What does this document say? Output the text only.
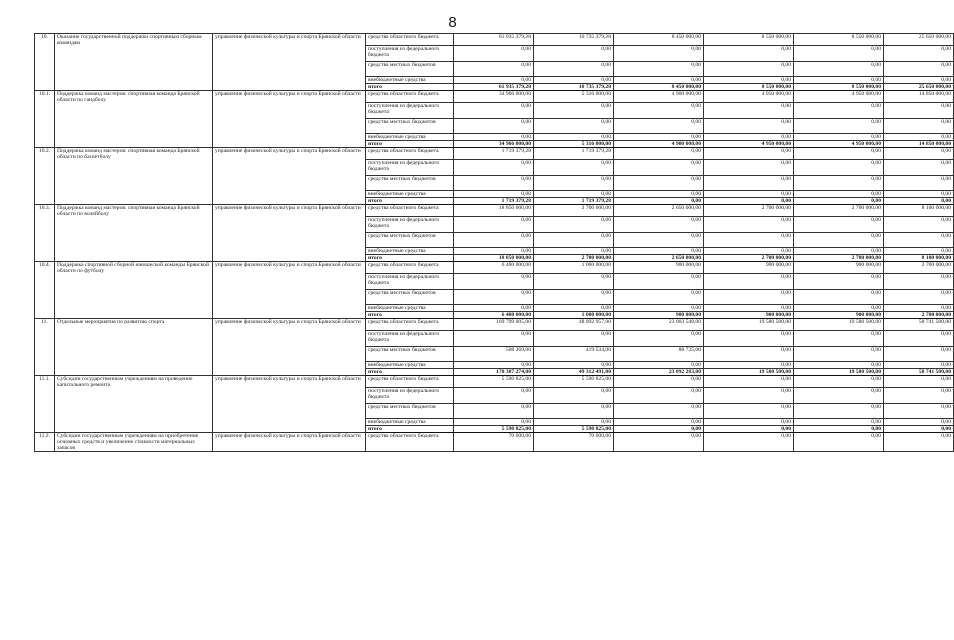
8
10.	Оказание государственной поддержки спортивным сборным командам	управление физической культуры и спорта Брянской области	средства областного бюджета	61 935 379,28	10 735 379,28	8 450 000,00	8 550 000,00	8 550 000,00	25 650 000,00
			поступления из федерального бюджета	0,00	0,00	0,00	0,00	0,00	0,00
			средства местных бюджетов	0,00	0,00	0,00	0,00	0,00	0,00
			внебюджетные средства	0,00	0,00	0,00	0,00	0,00	0,00
			итого	61 935 379,28	10 735 379,28	8 450 000,00	8 550 000,00	8 550 000,00	25 650 000,00
10.1.	Поддержка команд мастеров: спортивная команда Брянской области по гандболу	управление физической культуры и спорта Брянской области	средства областного бюджета	34 966 000,00	5 316 000,00	4 900 000,00	4 950 000,00	4 950 000,00	14 850 000,00
			поступления из федерального бюджета	0,00	0,00	0,00	0,00	0,00	0,00
			средства местных бюджетов	0,00	0,00	0,00	0,00	0,00	0,00
			внебюджетные средства	0,00	0,00	0,00	0,00	0,00	0,00
			итого	34 966 000,00	5 316 000,00	4 900 000,00	4 950 000,00	4 950 000,00	14 850 000,00
10.2.	Поддержка команд мастеров: спортивная команда Брянской области по баскетболу	управление физической культуры и спорта Брянской области	средства областного бюджета	1 719 379,28	1 719 379,28	0,00	0,00	0,00	0,00
			поступления из федерального бюджета	0,00	0,00	0,00	0,00	0,00	0,00
			средства местных бюджетов	0,00	0,00	0,00	0,00	0,00	0,00
			внебюджетные средства	0,00	0,00	0,00	0,00	0,00	0,00
			итого	1 719 379,28	1 719 379,28	0,00	0,00	0,00	0,00
10.3.	Поддержка команд мастеров: спортивная команда Брянской области по волейболу	управление физической культуры и спорта Брянской области	средства областного бюджета	18 850 000,00	2 700 000,00	2 650 000,00	2 700 000,00	2 700 000,00	8 100 000,00
			поступления из федерального бюджета	0,00	0,00	0,00	0,00	0,00	0,00
			средства местных бюджетов	0,00	0,00	0,00	0,00	0,00	0,00
			внебюджетные средства	0,00	0,00	0,00	0,00	0,00	0,00
			итого	18 850 000,00	2 700 000,00	2 650 000,00	2 700 000,00	2 700 000,00	8 100 000,00
10.4.	Поддержка спортивной сборной юношеской команды Брянской области по футболу	управление физической культуры и спорта Брянской области	средства областного бюджета	6 400 000,00	1 000 000,00	900 000,00	900 000,00	900 000,00	2 700 000,00
			поступления из федерального бюджета	0,00	0,00	0,00	0,00	0,00	0,00
			средства местных бюджетов	0,00	0,00	0,00	0,00	0,00	0,00
			внебюджетные средства	0,00	0,00	0,00	0,00	0,00	0,00
			итого	6 400 000,00	1 000 000,00	900 000,00	900 000,00	900 000,00	2 700 000,00
11.	Отдельные мероприятия по развитию спорта	управление физической культуры и спорта Брянской области	средства областного бюджета	169 799 005,00	48 892 957,00	23 003 548,00	19 580 500,00	19 580 500,00	58 741 500,00
			поступления из федерального бюджета	0,00	0,00	0,00	0,00	0,00	0,00
			средства местных бюджетов	508 269,00	419 534,00	88 735,00	0,00	0,00	0,00
			внебюджетные средства	0,00	0,00	0,00	0,00	0,00	0,00
			итого	170 307 274,00	49 312 491,00	23 092 283,00	19 580 500,00	19 580 500,00	58 741 500,00
11.1.	Субсидии государственным учреждениям на проведение капитального ремонта	управление физической культуры и спорта Брянской области	средства областного бюджета	5 590 825,00	5 590 825,00	0,00	0,00	0,00	0,00
			поступления из федерального бюджета	0,00	0,00	0,00	0,00	0,00	0,00
			средства местных бюджетов	0,00	0,00	0,00	0,00	0,00	0,00
			внебюджетные средства	0,00	0,00	0,00	0,00	0,00	0,00
			итого	5 590 825,00	5 590 825,00	0,00	0,00	0,00	0,00
11.2.	Субсидии государственным учреждениям на приобретение основных средств и увеличение стоимости материальных запасов	управление физической культуры и спорта Брянской области	средства областного бюджета	70 000,00	70 000,00	0,00	0,00	0,00	0,00
